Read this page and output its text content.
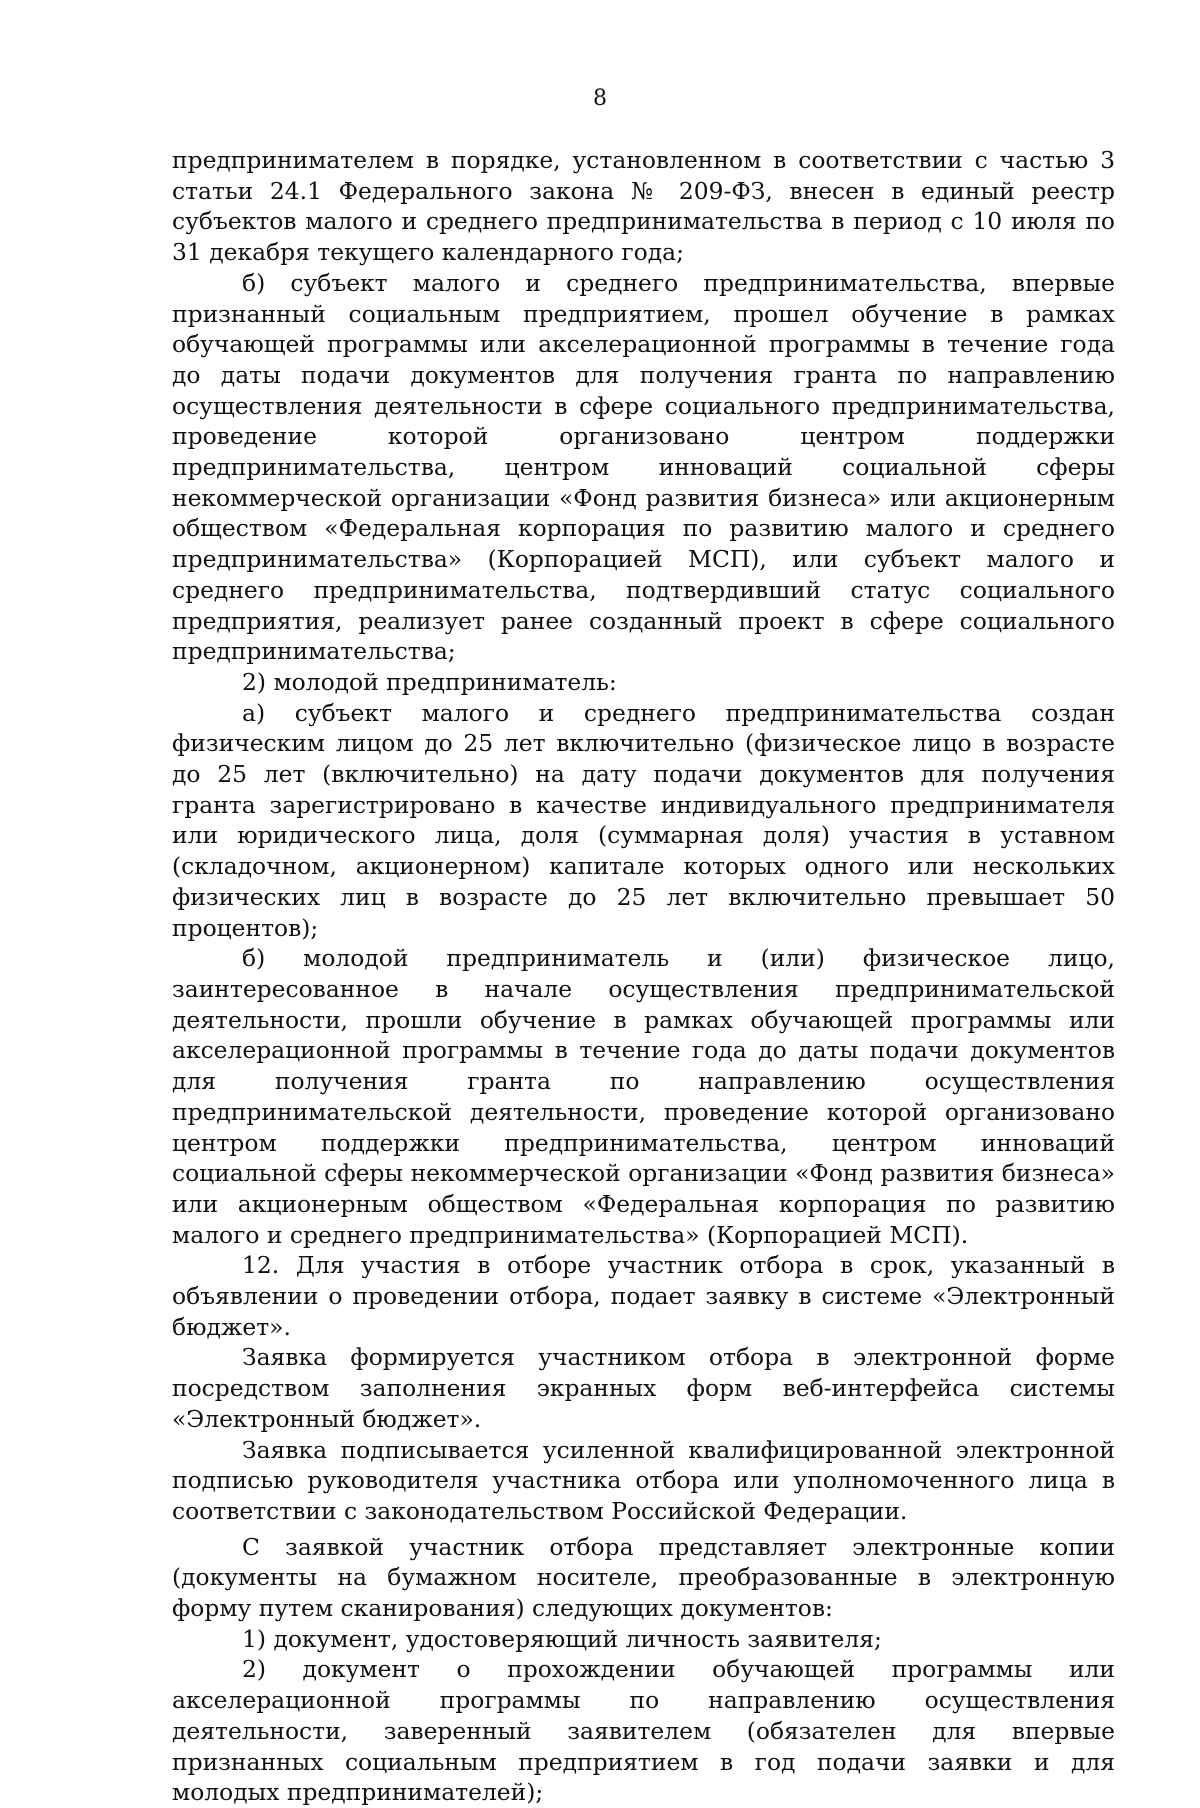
8

предпринимателем в порядке, установленном в соответствии с частью 3 статьи 24.1 Федерального закона № 209-ФЗ, внесен в единый реестр субъектов малого и среднего предпринимательства в период с 10 июля по 31 декабря текущего календарного года;

б) субъект малого и среднего предпринимательства, впервые признанный социальным предприятием, прошел обучение в рамках обучающей программы или акселерационной программы в течение года до даты подачи документов для получения гранта по направлению осуществления деятельности в сфере социального предпринимательства, проведение которой организовано центром поддержки предпринимательства, центром инноваций социальной сферы некоммерческой организации «Фонд развития бизнеса» или акционерным обществом «Федеральная корпорация по развитию малого и среднего предпринимательства» (Корпорацией МСП), или субъект малого и среднего предпринимательства, подтвердивший статус социального предприятия, реализует ранее созданный проект в сфере социального предпринимательства;

2) молодой предприниматель:

а) субъект малого и среднего предпринимательства создан физическим лицом до 25 лет включительно (физическое лицо в возрасте до 25 лет (включительно) на дату подачи документов для получения гранта зарегистрировано в качестве индивидуального предпринимателя или юридического лица, доля (суммарная доля) участия в уставном (складочном, акционерном) капитале которых одного или нескольких физических лиц в возрасте до 25 лет включительно превышает 50 процентов);

б) молодой предприниматель и (или) физическое лицо, заинтересованное в начале осуществления предпринимательской деятельности, прошли обучение в рамках обучающей программы или акселерационной программы в течение года до даты подачи документов для получения гранта по направлению осуществления предпринимательской деятельности, проведение которой организовано центром поддержки предпринимательства, центром инноваций социальной сферы некоммерческой организации «Фонд развития бизнеса» или акционерным обществом «Федеральная корпорация по развитию малого и среднего предпринимательства» (Корпорацией МСП).

12. Для участия в отборе участник отбора в срок, указанный в объявлении о проведении отбора, подает заявку в системе «Электронный бюджет».

Заявка формируется участником отбора в электронной форме посредством заполнения экранных форм веб-интерфейса системы «Электронный бюджет».

Заявка подписывается усиленной квалифицированной электронной подписью руководителя участника отбора или уполномоченного лица в соответствии с законодательством Российской Федерации.

С заявкой участник отбора представляет электронные копии (документы на бумажном носителе, преобразованные в электронную форму путем сканирования) следующих документов:

1) документ, удостоверяющий личность заявителя;

2) документ о прохождении обучающей программы или акселерационной программы по направлению осуществления деятельности, заверенный заявителем (обязателен для впервые признанных социальным предприятием в год подачи заявки и для молодых предпринимателей);
